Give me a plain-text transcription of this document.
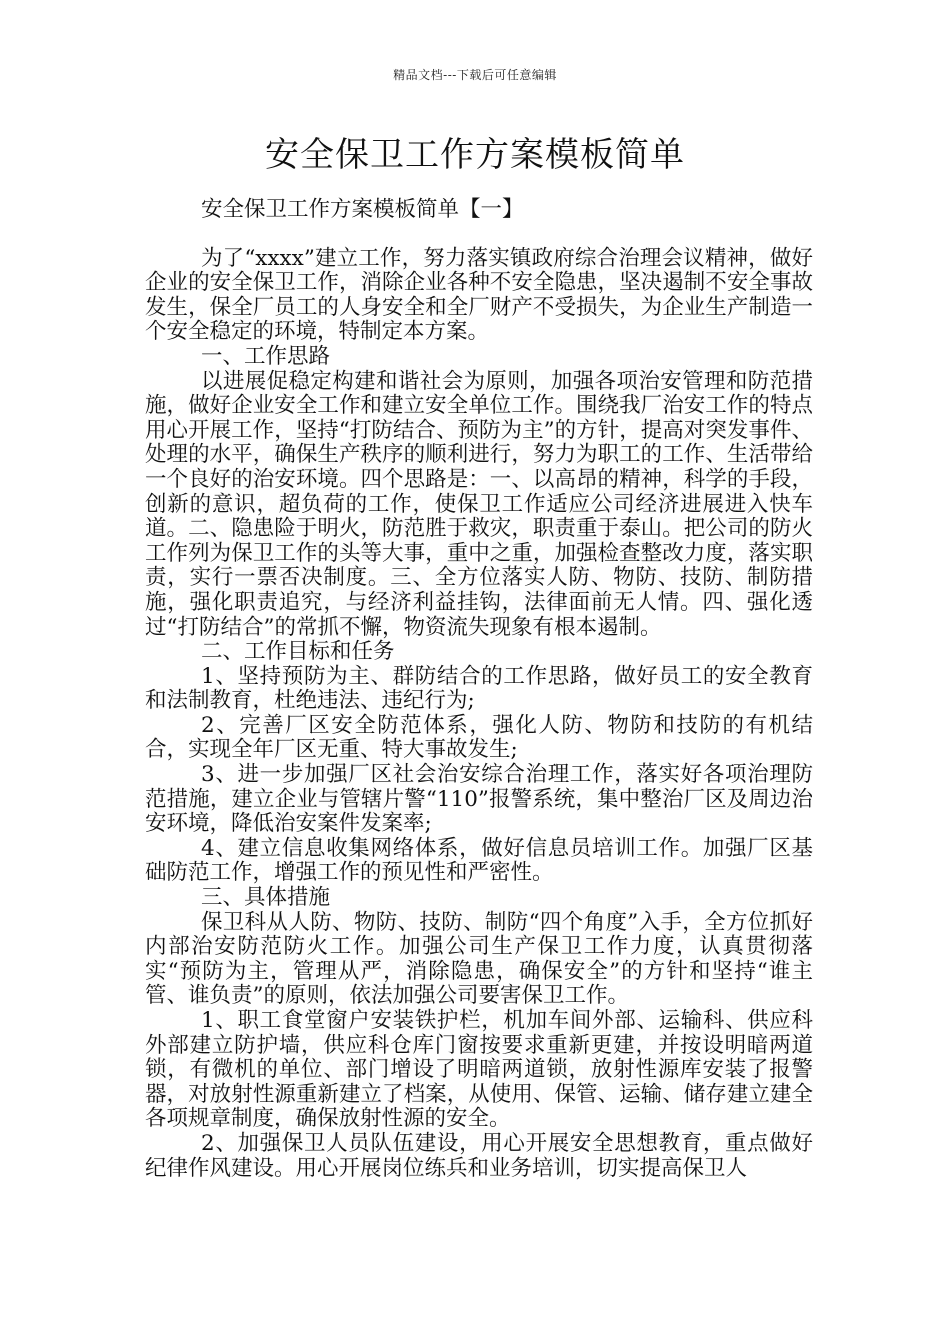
精品文档---下载后可任意编辑
安全保卫工作方案模板简单
安全保卫工作方案模板简单【一】

为了“xxxx”建立工作，努力落实镇政府综合治理会议精神，做好企业的安全保卫工作，消除企业各种不安全隐患，坚决遏制不安全事故发生，保全厂员工的人身安全和全厂财产不受损失，为企业生产制造一个安全稳定的环境，特制定本方案。

一、工作思路

以进展促稳定构建和谐社会为原则，加强各项治安管理和防范措施，做好企业安全工作和建立安全单位工作。围绕我厂治安工作的特点用心开展工作，坚持“打防结合、预防为主”的方针，提高对突发事件、处理的水平，确保生产秩序的顺利进行，努力为职工的工作、生活带给一个良好的治安环境。四个思路是：一、以高昂的精神，科学的手段，创新的意识，超负荷的工作，使保卫工作适应公司经济进展进入快车道。二、隐患险于明火，防范胜于救灾，职责重于泰山。把公司的防火工作列为保卫工作的头等大事，重中之重，加强检查整改力度，落实职责，实行一票否决制度。三、全方位落实人防、物防、技防、制防措施，强化职责追究，与经济利益挂钩，法律面前无人情。四、强化透过“打防结合”的常抓不懈，物资流失现象有根本遏制。

二、工作目标和任务

1、坚持预防为主、群防结合的工作思路，做好员工的安全教育和法制教育，杜绝违法、违纪行为;

2、完善厂区安全防范体系，强化人防、物防和技防的有机结合，实现全年厂区无重、特大事故发生;

3、进一步加强厂区社会治安综合治理工作，落实好各项治理防范措施，建立企业与管辖片警“110”报警系统，集中整治厂区及周边治安环境，降低治安案件发案率;

4、建立信息收集网络体系，做好信息员培训工作。加强厂区基础防范工作，增强工作的预见性和严密性。

三、具体措施

保卫科从人防、物防、技防、制防“四个角度”入手，全方位抓好内部治安防范防火工作。加强公司生产保卫工作力度，认真贯彻落实“预防为主，管理从严，消除隐患，确保安全”的方针和坚持“谁主管、谁负责”的原则，依法加强公司要害保卫工作。

1、职工食堂窗户安装铁护栏，机加车间外部、运输科、供应科外部建立防护墙，供应科仓库门窗按要求重新更建，并按设明暗两道锁，有微机的单位、部门增设了明暗两道锁，放射性源库安装了报警器，对放射性源重新建立了档案，从使用、保管、运输、储存建立建全各项规章制度，确保放射性源的安全。

2、加强保卫人员队伍建设，用心开展安全思想教育，重点做好纪律作风建设。用心开展岗位练兵和业务培训，切实提高保卫人
